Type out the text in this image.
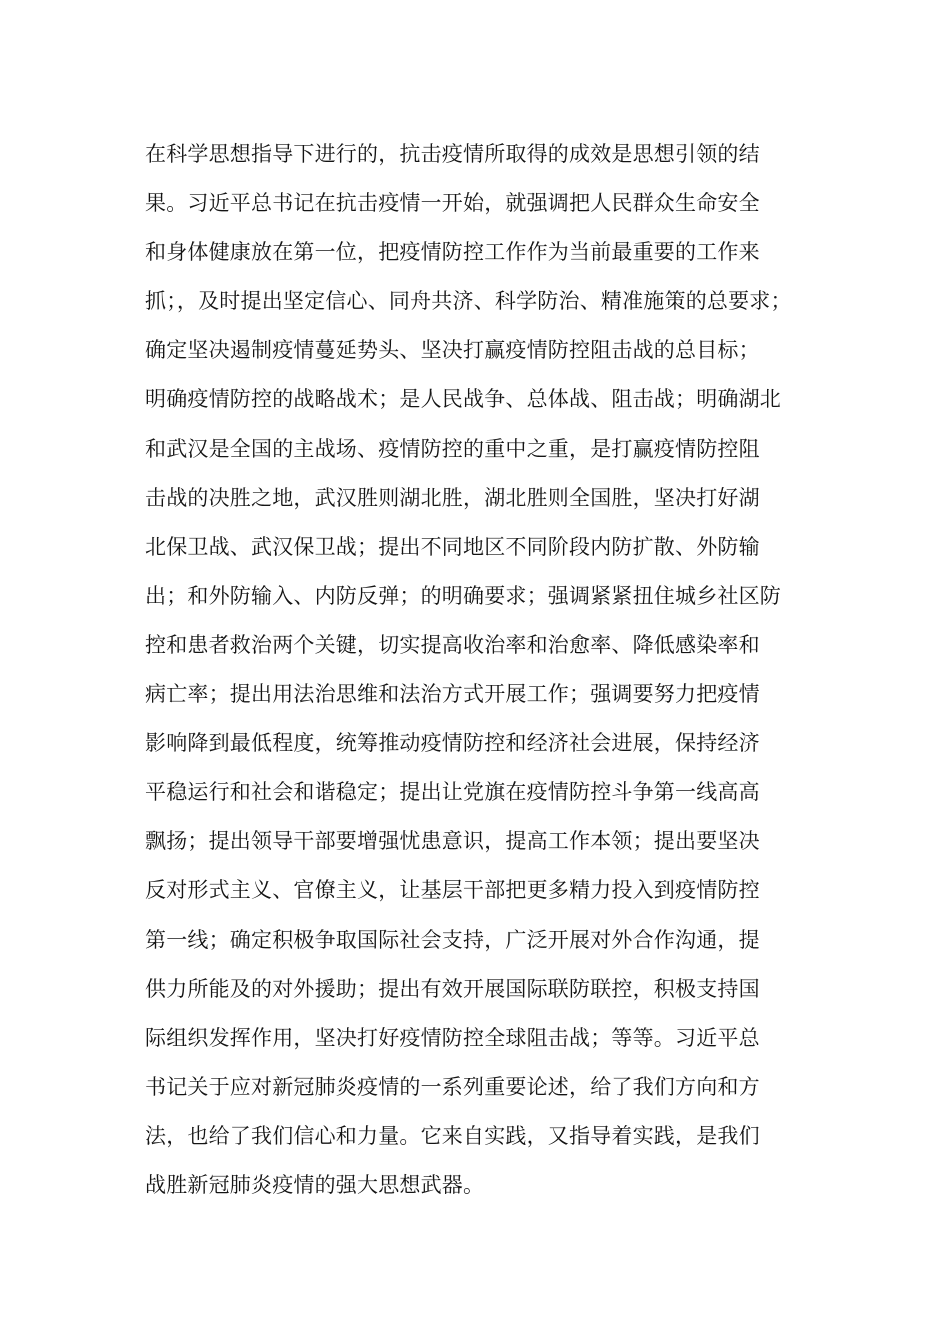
在科学思想指导下进行的，抗击疫情所取得的成效是思想引领的结
果。习近平总书记在抗击疫情一开始，就强调把人民群众生命安全
和身体健康放在第一位，把疫情防控工作作为当前最重要的工作来
抓；，及时提出坚定信心、同舟共济、科学防治、精准施策的总要求；
确定坚决遏制疫情蔓延势头、坚决打赢疫情防控阻击战的总目标；
明确疫情防控的战略战术；是人民战争、总体战、阻击战；明确湖北
和武汉是全国的主战场、疫情防控的重中之重，是打赢疫情防控阻
击战的决胜之地，武汉胜则湖北胜，湖北胜则全国胜，坚决打好湖
北保卫战、武汉保卫战；提出不同地区不同阶段内防扩散、外防输
出；和外防输入、内防反弹；的明确要求；强调紧紧扭住城乡社区防
控和患者救治两个关键，切实提高收治率和治愈率、降低感染率和
病亡率；提出用法治思维和法治方式开展工作；强调要努力把疫情
影响降到最低程度，统筹推动疫情防控和经济社会进展，保持经济
平稳运行和社会和谐稳定；提出让党旗在疫情防控斗争第一线高高
飘扬；提出领导干部要增强忧患意识，提高工作本领；提出要坚决
反对形式主义、官僚主义，让基层干部把更多精力投入到疫情防控
第一线；确定积极争取国际社会支持，广泛开展对外合作沟通，提
供力所能及的对外援助；提出有效开展国际联防联控，积极支持国
际组织发挥作用，坚决打好疫情防控全球阻击战；等等。习近平总
书记关于应对新冠肺炎疫情的一系列重要论述，给了我们方向和方
法，也给了我们信心和力量。它来自实践，又指导着实践，是我们
战胜新冠肺炎疫情的强大思想武器。
